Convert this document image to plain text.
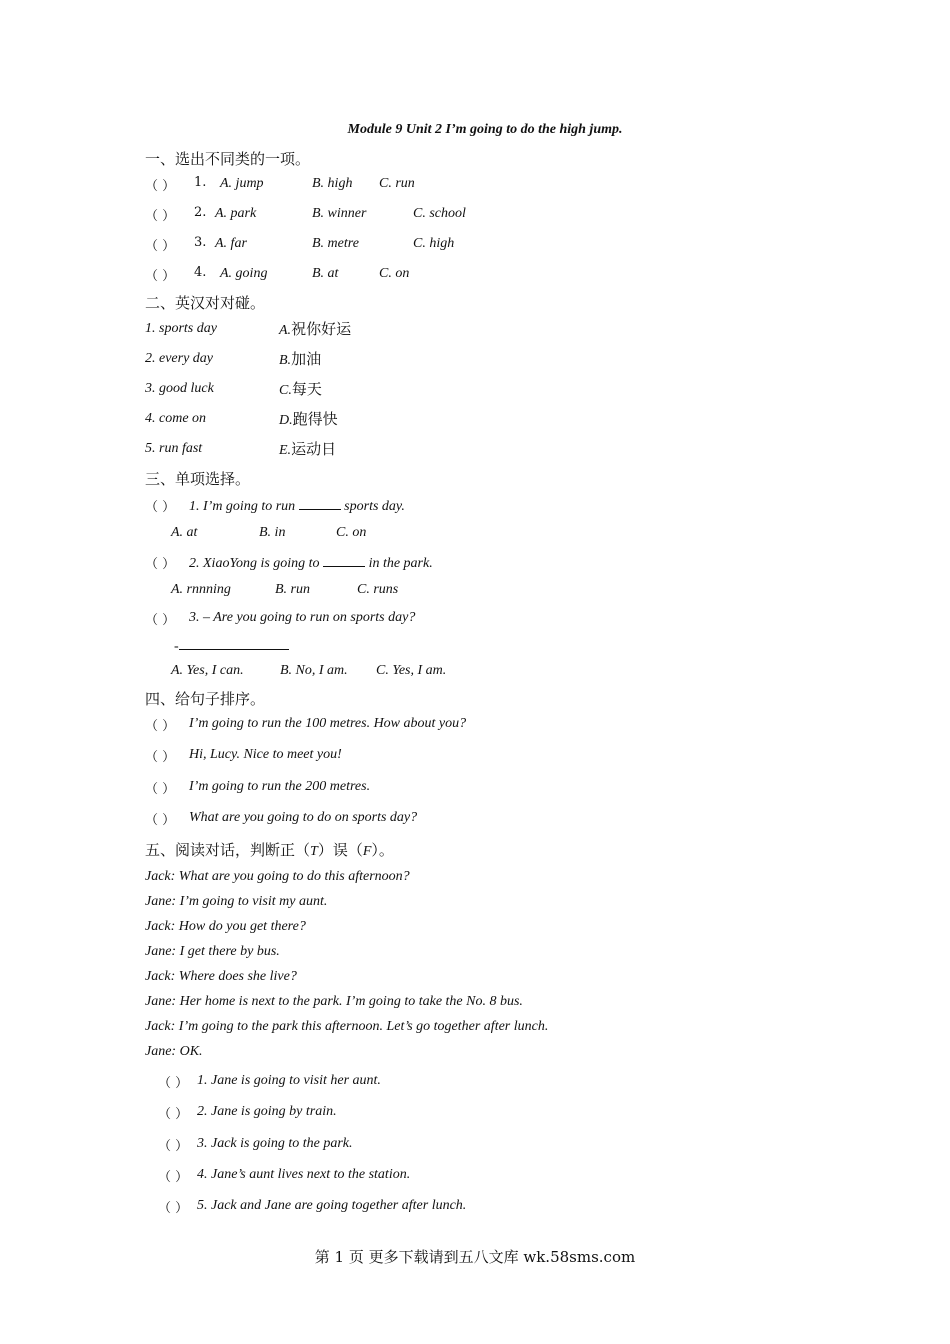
Module 9 Unit 2 I’m going to do the high jump.
一、选出不同类的一项。
（ ） 1. A. jump	B. high C. run
（ ） 2. A. park	B. winner	C. school
（ ） 3. A. far	B. metre	C. high
（ ） 4. A. going	B. at	C. on
二、英汉对对碰。
1. sports day	A.祝你好运
2. every day	B.加油
3. good luck	C.每天
4. come on	D.跑得快
5. run fast	E.运动日
三、单项选择。
（ ） 1. I’m going to run	sports day.
A. at	B. in	C. on
（ ） 2. XiaoYong is going to	in the park.
A. rnnning	B. run	C. runs
（ ） 3. – Are you going to run on sports day?
-
A. Yes, I can.	B. No, I am. C. Yes, I am.
四、给句子排序。
（ ） I’m going to run the 100 metres. How about you?
（ ） Hi, Lucy. Nice to meet you!
（ ） I’m going to run the 200 metres.
（ ） What are you going to do on sports day?
五、阅读对话，判断正（T）误（F）。
Jack: What are you going to do this afternoon?
Jane: I’m going to visit my aunt.
Jack: How do you get there?
Jane: I get there by bus.
Jack: Where does she live?
Jane: Her home is next to the park. I’m going to take the No. 8 bus.
Jack: I’m going to the park this afternoon. Let’s go together after lunch.
Jane: OK.
（ ） 1. Jane is going to visit her aunt.
（ ） 2. Jane is going by train.
（ ） 3. Jack is going to the park.
（ ） 4. Jane’s aunt lives next to the station.
（ ） 5. Jack and Jane are going together after lunch.
第 1 页 更多下载请到五八文库 wk.58sms.com
